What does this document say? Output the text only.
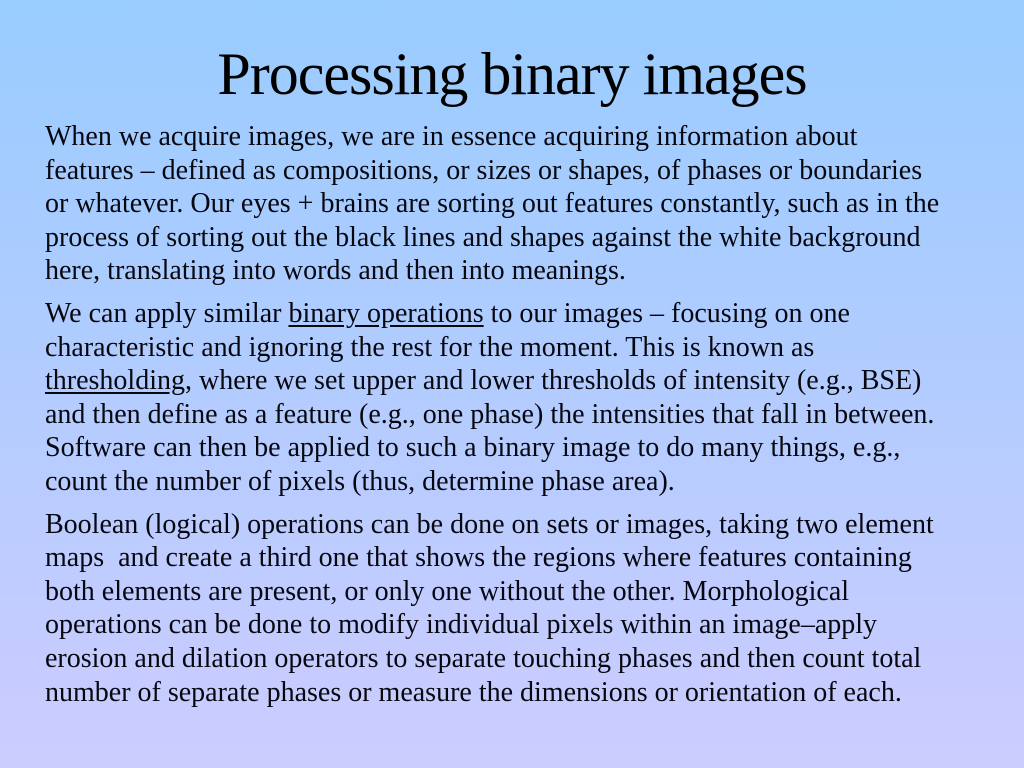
Processing binary images
When we acquire images, we are in essence acquiring information about
features – defined as compositions, or sizes or shapes, of phases or boundaries
or whatever. Our eyes + brains are sorting out features constantly, such as in the
process of sorting out the black lines and shapes against the white background
here, translating into words and then into meanings.
We can apply similar binary operations to our images – focusing on one
characteristic and ignoring the rest for the moment. This is known as
thresholding, where we set upper and lower thresholds of intensity (e.g., BSE)
and then define as a feature (e.g., one phase) the intensities that fall in between.
Software can then be applied to such a binary image to do many things, e.g.,
count the number of pixels (thus, determine phase area).
Boolean (logical) operations can be done on sets or images, taking two element
maps  and create a third one that shows the regions where features containing
both elements are present, or only one without the other. Morphological
operations can be done to modify individual pixels within an image–apply
erosion and dilation operators to separate touching phases and then count total
number of separate phases or measure the dimensions or orientation of each.
